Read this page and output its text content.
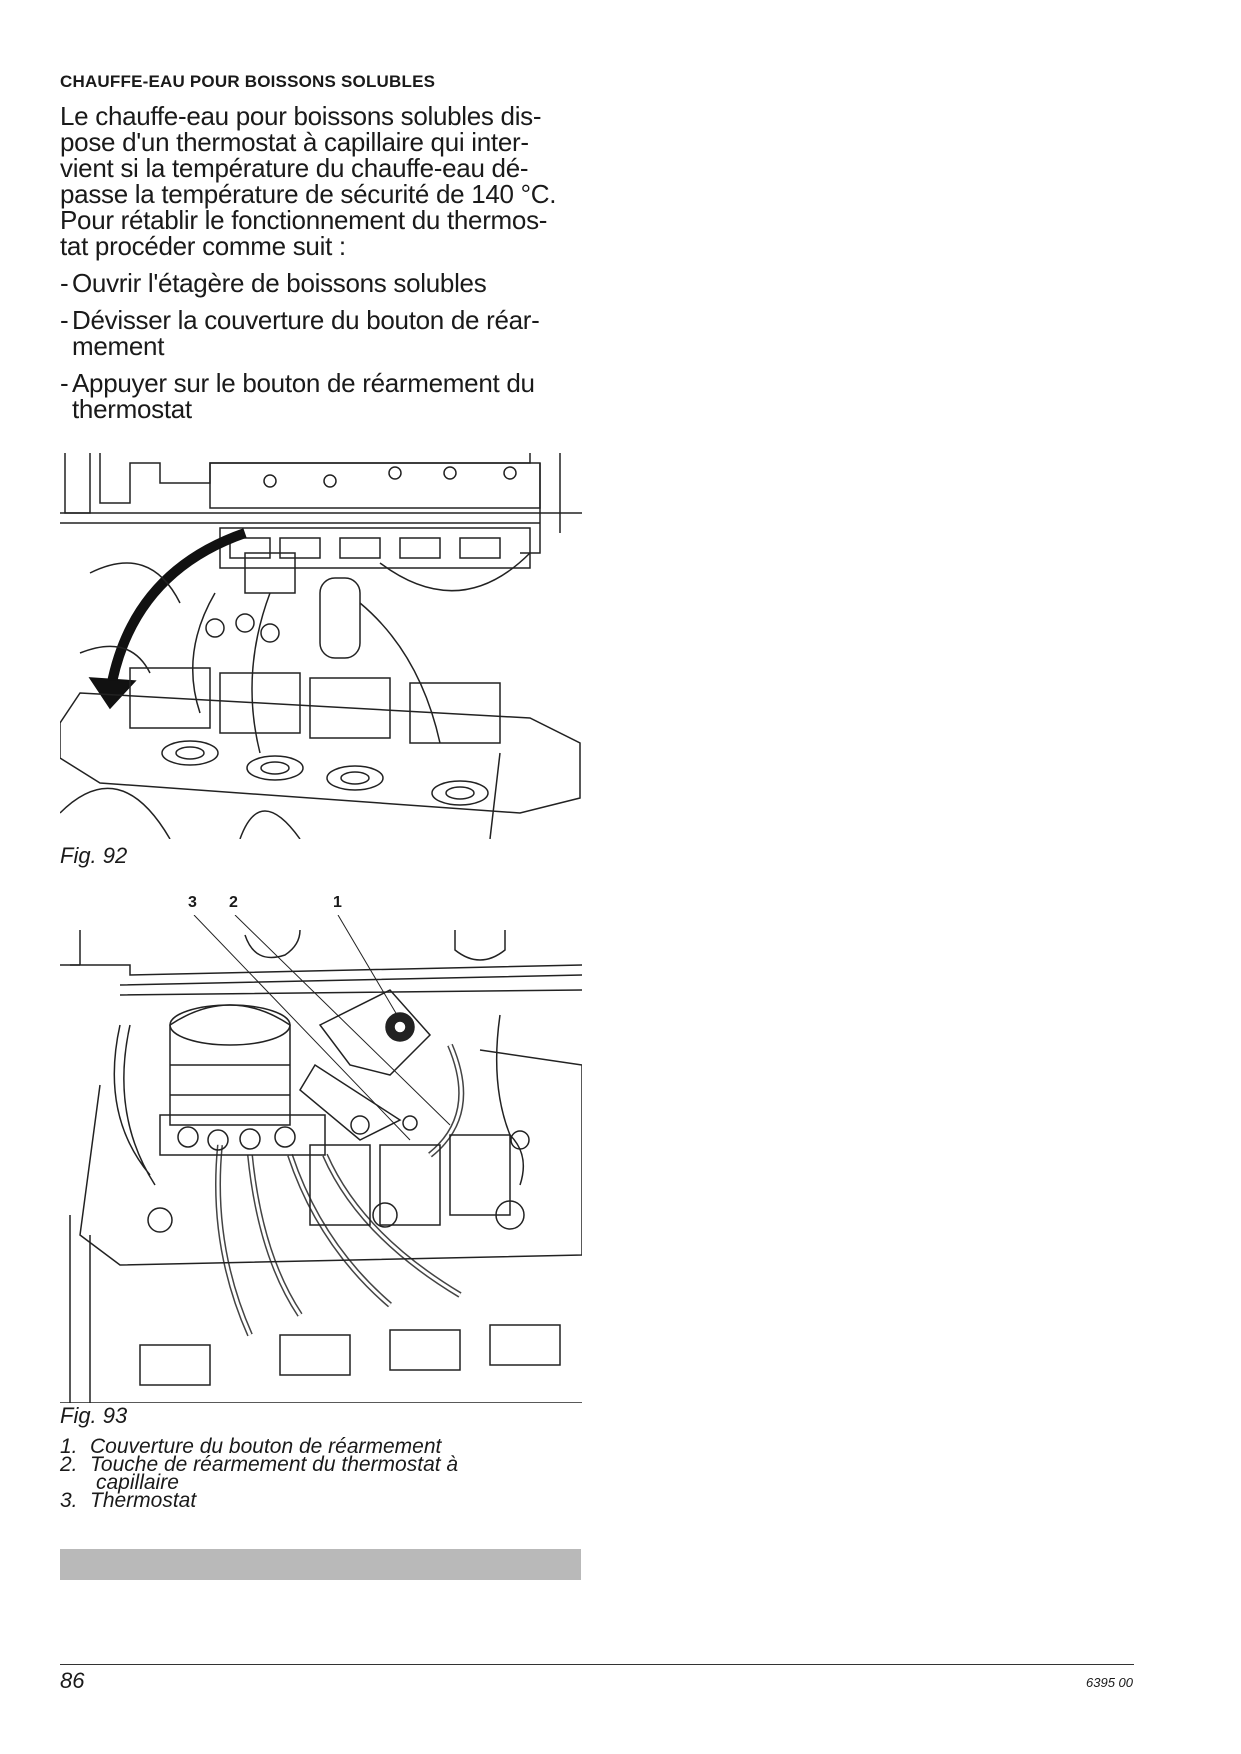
CHAUFFE-EAU POUR BOISSONS SOLUBLES
Le chauffe-eau pour boissons solubles dis-
pose d'un thermostat à capillaire qui inter-
vient si la température du chauffe-eau dé-
passe la température de sécurité de 140 °C.
Pour rétablir le fonctionnement du thermos-
tat procéder comme suit :
- Ouvrir l'étagère de boissons solubles
- Dévisser la couverture du bouton de réar-
mement
- Appuyer sur le bouton de réarmement du
thermostat
Fig. 92
3 2	1
Fig. 93
1. Couverture du bouton de réarmement
2. Touche de réarmement du thermostat à
capillaire
3. Thermostat
86	6395 00
